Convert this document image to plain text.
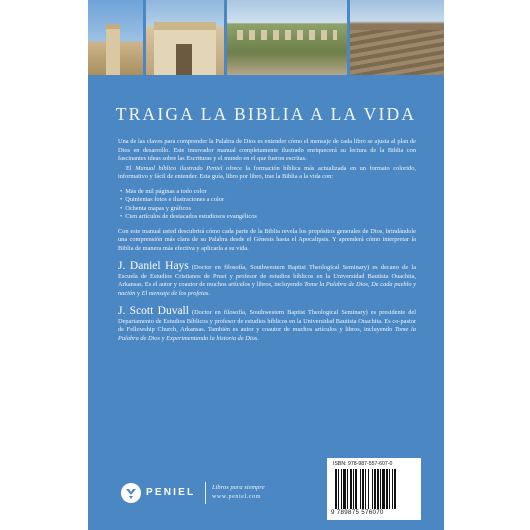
TRAIGA LA BIBLIA A LA VIDA

Una de las claves para comprender la Palabra de Dios es entender cómo el mensaje de cada libro se ajusta al plan de Dios en desarrollo. Este innovador manual completamente ilustrado enriquecerá su lectura de la Biblia con fascinantes ideas sobre las Escrituras y el mundo en el que fueron escritas.

El Manual bíblico ilustrado Peniel ofrece la formación bíblica más actualizada en un formato colorido, informativo y fácil de entender. Esta guía, libro por libro, trae la Biblia a la vida con:

• Más de mil páginas a todo color
• Quinientas fotos e ilustraciones a color
• Ochenta mapas y gráficos
• Cien artículos de destacados estudiosos evangélicos

Con este manual usted descubrirá cómo cada parte de la Biblia revela los propósitos generales de Dios, brindándole una comprensión más clara de su Palabra desde el Génesis hasta el Apocalipsis. Y aprenderá cómo interpretar la Biblia de manera más efectiva y aplicarla a su vida.

J. Daniel Hays (Doctor en filosofía, Southwestern Baptist Theological Seminary) es decano de la Escuela de Estudios Cristianos de Pruet y profesor de estudios bíblicos en la Universidad Bautista Ouachita, Arkansas. Es el autor y coautor de muchos artículos y libros, incluyendo Tome la Palabra de Dios, De cada pueblo y nación y El mensaje de los profetas.

J. Scott Duvall (Doctor en filosofía, Southwestern Baptist Theological Seminary) es presidente del Departamento de Estudios Bíblicos y profesor de estudios bíblicos en la Universidad Bautista Ouachita. Es co-pastor de Fellowship Church, Arkansas. También es autor y coautor de muchos artículos y libros, incluyendo Tome la Palabra de Dios y Experimentando la historia de Dios.

ISBN: 978-987-557-607-0
9 789875 576070
PENIEL	Libros para siempre
www.peniel.com
